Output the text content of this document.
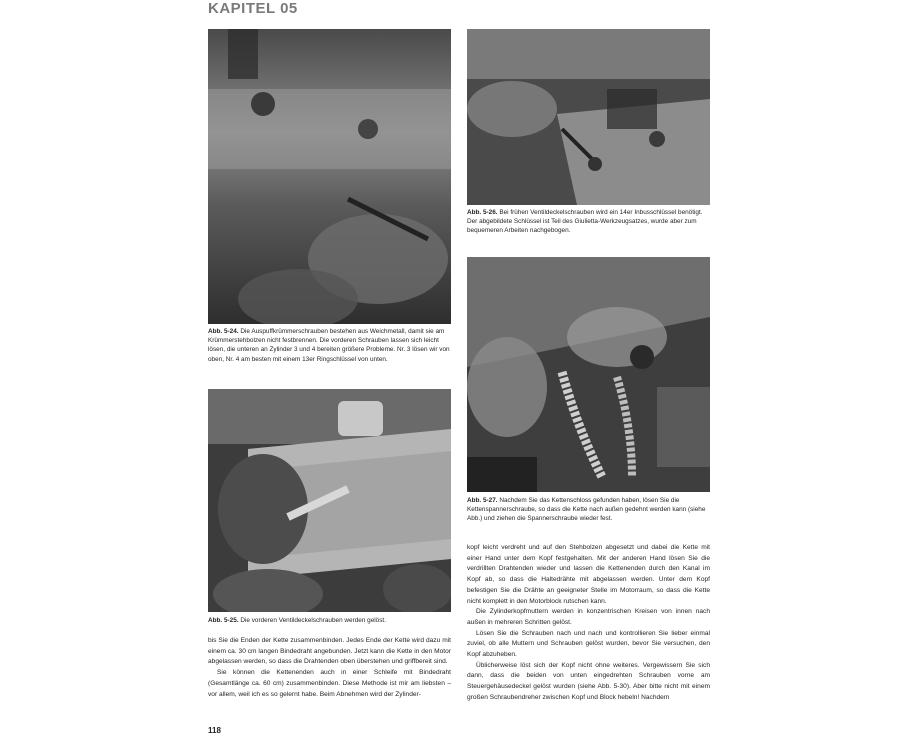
KAPITEL 05
Abb. 5-24. Die Auspuffkrümmerschrauben bestehen aus Weichmetall, damit sie am Krümmerstehbolzen nicht festbrennen. Die vorderen Schrauben lassen sich leicht lösen, die unteren an Zylinder 3 und 4 bereiten größere Probleme. Nr. 3 lösen wir von oben, Nr. 4 am besten mit einem 13er Ringschlüssel von unten.
Abb. 5-25. Die vorderen Ventildeckelschrauben werden gelöst.
Abb. 5-26. Bei frühen Ventildeckelschrauben wird ein 14er Inbusschlüssel benötigt. Der abgebildete Schlüssel ist Teil des Giulietta-Werkzeugsatzes, wurde aber zum bequemeren Arbeiten nachgebogen.
Abb. 5-27. Nachdem Sie das Kettenschloss gefunden haben, lösen Sie die Kettenspannerschraube, so dass die Kette nach außen gedehnt werden kann (siehe Abb.) und ziehen die Spannerschraube wieder fest.

bis Sie die Enden der Kette zusammenbinden. Jedes Ende der Kette wird dazu mit einem ca. 30 cm langen Bindedraht angebunden. Jetzt kann die Kette in den Motor abgelassen werden, so dass die Drahtenden oben überstehen und griffbereit sind.

Sie können die Kettenenden auch in einer Schleife mit Bindedraht (Gesamtlänge ca. 60 cm) zusammenbinden. Diese Methode ist mir am liebsten – vor allem, weil ich es so gelernt habe. Beim Abnehmen wird der Zylinder-

kopf leicht verdreht und auf den Stehbolzen abgesetzt und dabei die Kette mit einer Hand unter dem Kopf festgehalten. Mit der anderen Hand lösen Sie die verdrillten Drahtenden wieder und lassen die Kettenenden durch den Kanal im Kopf ab, so dass die Haltedrähte mit abgelassen werden. Unter dem Kopf befestigen Sie die Drähte an geeigneter Stelle im Motorraum, so dass die Kette nicht komplett in den Motorblock rutschen kann.

Die Zylinderkopfmuttern werden in konzentrischen Kreisen von innen nach außen in mehreren Schritten gelöst.

Lösen Sie die Schrauben nach und nach und kontrollieren Sie lieber einmal zuviel, ob alle Muttern und Schrauben gelöst wurden, bevor Sie versuchen, den Kopf abzuheben.

Üblicherweise löst sich der Kopf nicht ohne weiteres. Vergewissern Sie sich dann, dass die beiden von unten eingedrehten Schrauben vorne am Steuergehäusedeckel gelöst wurden (siehe Abb. 5-30). Aber bitte nicht mit einem großen Schraubendreher zwischen Kopf und Block hebeln! Nachdem

118
